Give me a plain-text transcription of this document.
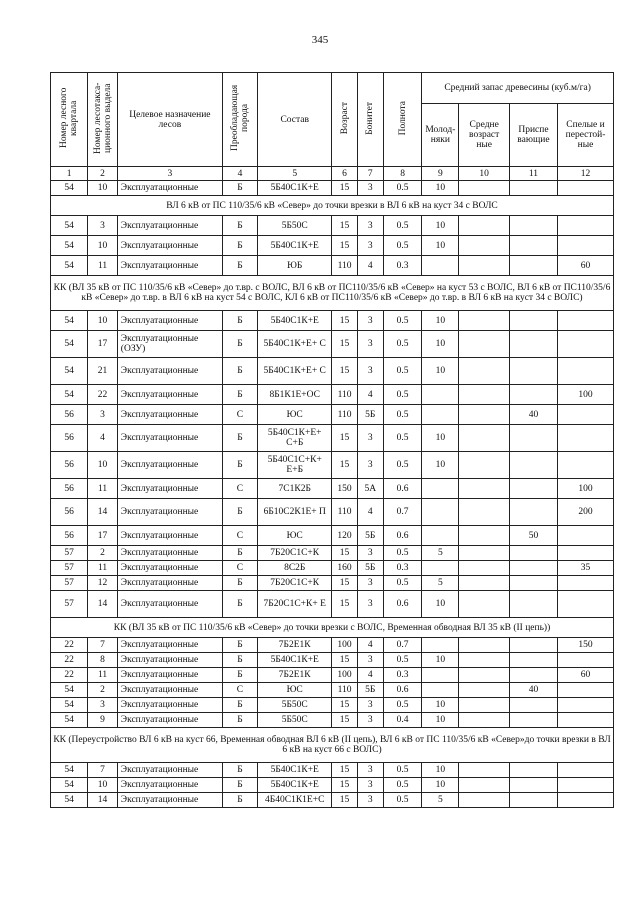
345
Номер лесного квартала	Номер лесотакса-ционного выдела	Целевое назначение лесов	Преобладающая порода	Состав	Возраст	Бонитет	Полнота	Средний запас древесины (куб.м/га)			
								Молод-няки	Средне возраст ные	Приспе вающие	Спелые и перестой-ные
1	2	3	4	5	6	7	8	9	10	11	12
54	10	Эксплуатационные	Б	5Б40С1К+Е	15	3	0.5	10			
ВЛ 6 кВ от ПС 110/35/6 кВ «Север» до точки врезки в ВЛ 6 кВ на куст 34 с ВОЛС											
54	3	Эксплуатационные	Б	5Б50С	15	3	0.5	10			
54	10	Эксплуатационные	Б	5Б40С1К+Е	15	3	0.5	10			
54	11	Эксплуатационные	Б	ЮБ	110	4	0.3				60
КК (ВЛ 35 кВ от ПС 110/35/6 кВ «Север» до т.вр. с ВОЛС, ВЛ 6 кВ от ПС110/35/6 кВ «Север» на куст 53 с ВОЛС, ВЛ 6 кВ от ПС110/35/6 кВ «Север» до т.вр. в ВЛ 6 кВ на куст 54 с ВОЛС, КЛ 6 кВ от ПС110/35/6 кВ «Север» до т.вр. в ВЛ 6 кВ на куст 34 с ВОЛС)											
54	10	Эксплуатационные	Б	5Б40С1К+Е	15	3	0.5	10			
54	17	Эксплуатационные (ОЗУ)	Б	5Б40С1К+Е+ С	15	3	0.5	10			
54	21	Эксплуатационные	Б	5Б40С1К+Е+ С	15	3	0.5	10			
54	22	Эксплуатационные	Б	8Б1К1Е+ОС	110	4	0.5				100
56	3	Эксплуатационные	С	ЮС	110	5Б	0.5			40	
56	4	Эксплуатационные	Б	5Б40С1К+Е+ С+Б	15	3	0.5	10			
56	10	Эксплуатационные	Б	5Б40С1С+К+ Е+Б	15	3	0.5	10			
56	11	Эксплуатационные	С	7С1К2Б	150	5А	0.6				100
56	14	Эксплуатационные	Б	6Б10С2К1Е+ П	110	4	0.7				200
56	17	Эксплуатационные	С	ЮС	120	5Б	0.6			50	
57	2	Эксплуатационные	Б	7Б20С1С+К	15	3	0.5	5			
57	11	Эксплуатационные	С	8С2Б	160	5Б	0.3				35
57	12	Эксплуатационные	Б	7Б20С1С+К	15	3	0.5	5			
57	14	Эксплуатационные	Б	7Б20С1С+К+ Е	15	3	0.6	10			
КК (ВЛ 35 кВ от ПС 110/35/6 кВ «Север» до точки врезки с ВОЛС, Временная обводная ВЛ 35 кВ (II цепь))											
22	7	Эксплуатационные	Б	7Б2Е1К	100	4	0.7				150
22	8	Эксплуатационные	Б	5Б40С1К+Е	15	3	0.5	10			
22	11	Эксплуатационные	Б	7Б2Е1К	100	4	0.3				60
54	2	Эксплуатационные	С	ЮС	110	5Б	0.6			40	
54	3	Эксплуатационные	Б	5Б50С	15	3	0.5	10			
54	9	Эксплуатационные	Б	5Б50С	15	3	0.4	10			
КК (Переустройство ВЛ 6 кВ на куст 66, Временная обводная ВЛ 6 кВ (II цепь), ВЛ 6 кВ от ПС 110/35/6 кВ «Север»до точки врезки в ВЛ 6 кВ на куст 66 с ВОЛС)											
54	7	Эксплуатационные	Б	5Б40С1К+Е	15	3	0.5	10			
54	10	Эксплуатационные	Б	5Б40С1К+Е	15	3	0.5	10			
54	14	Эксплуатационные	Б	4Б40С1К1Е+С	15	3	0.5	5			
